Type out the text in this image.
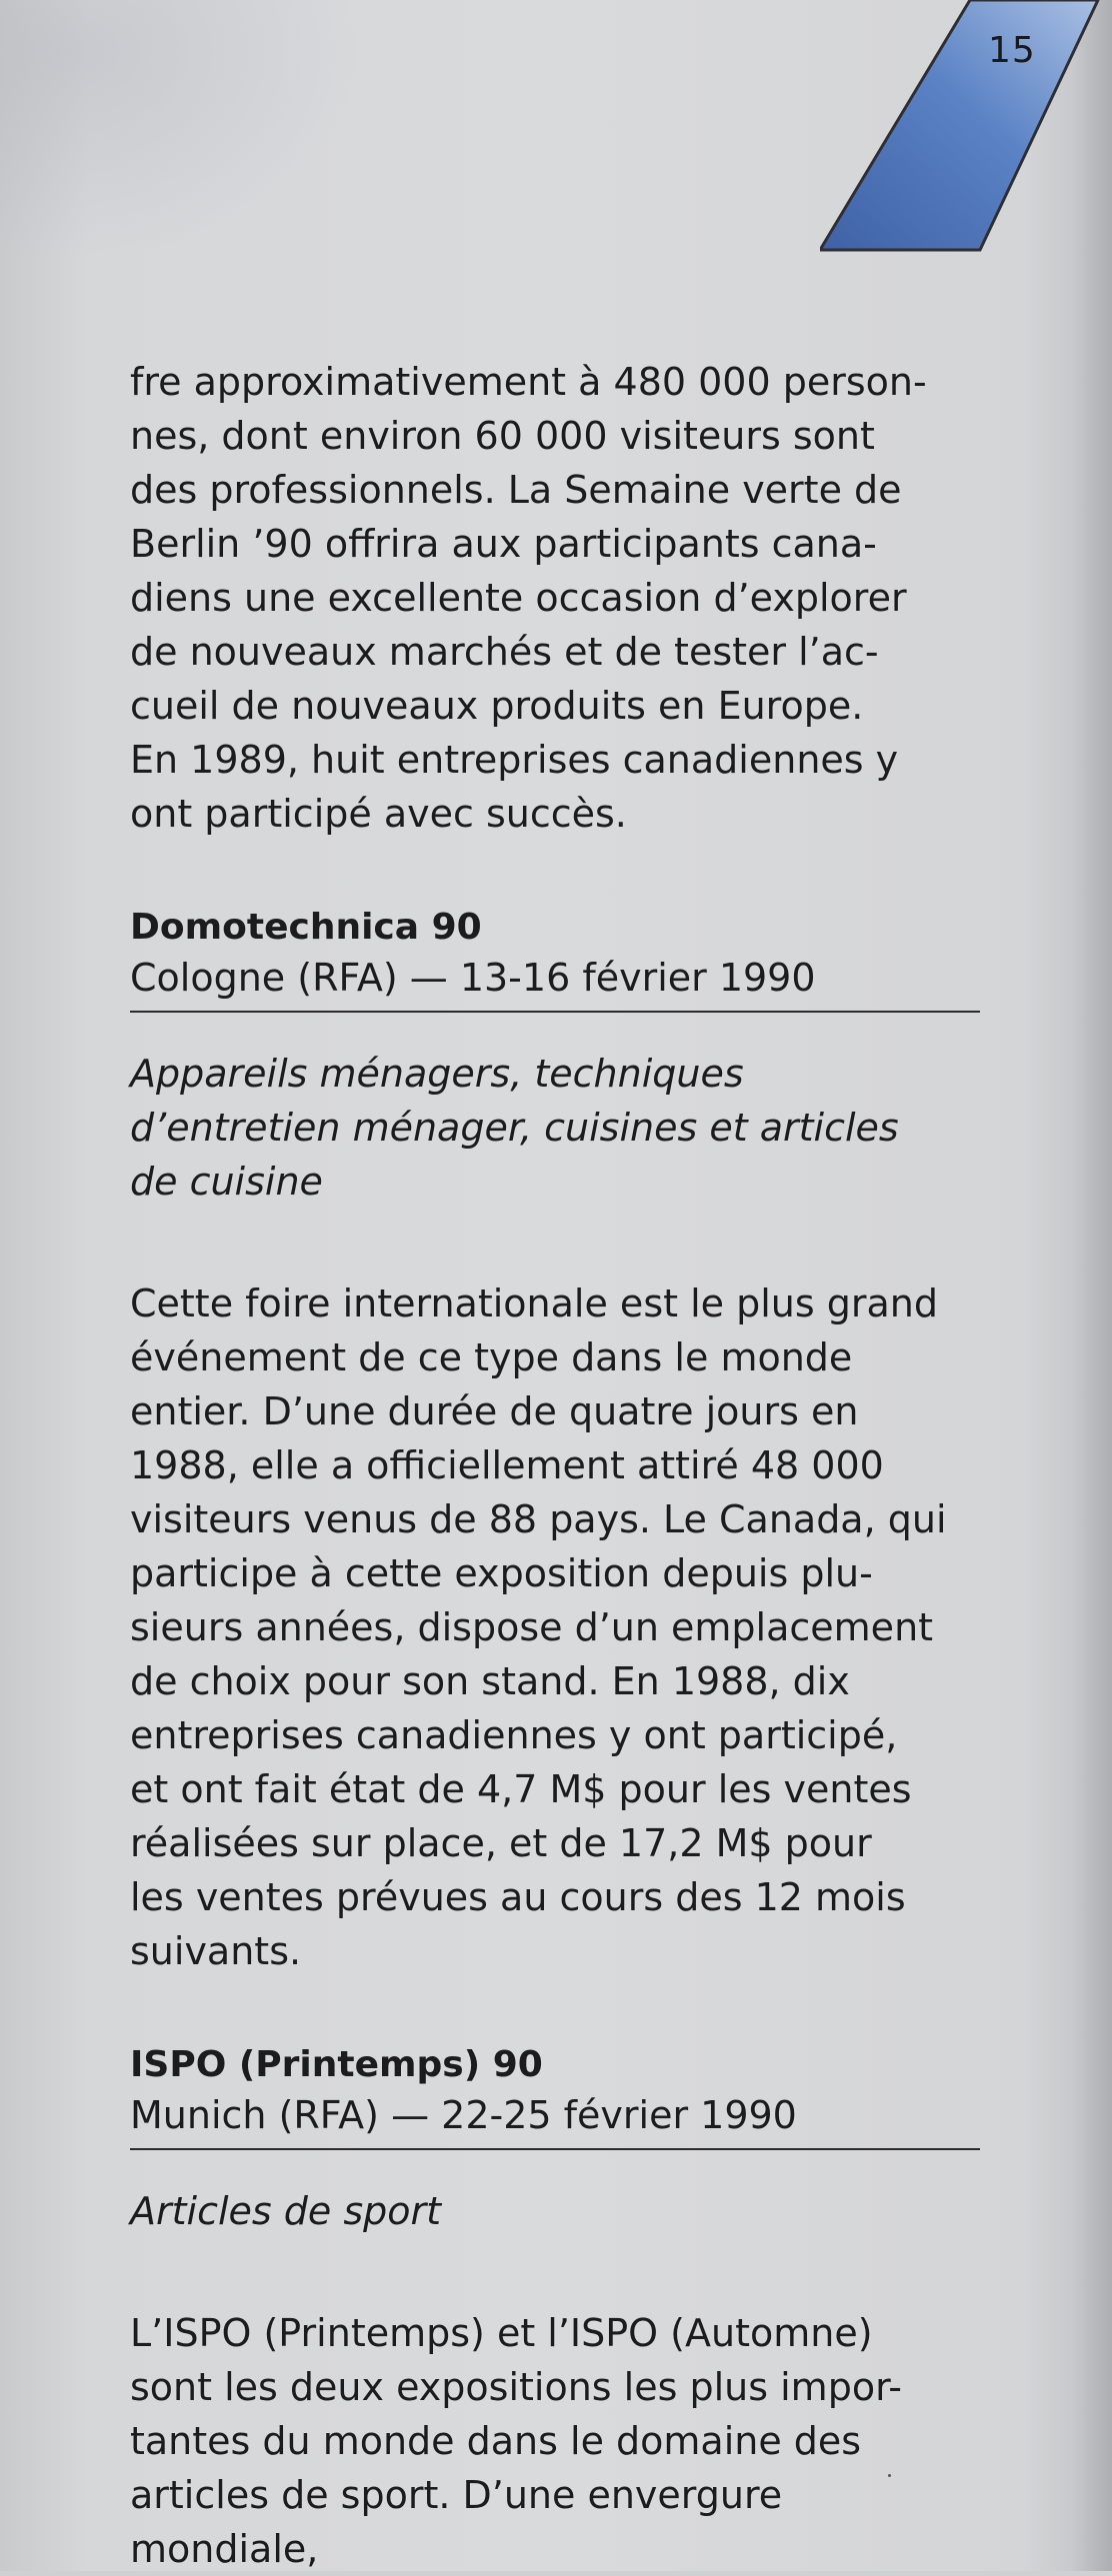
15

fre approximativement à 480 000 person-

nes, dont environ 60 000 visiteurs sont

des professionnels. La Semaine verte de

Berlin ’90 offrira aux participants cana-

diens une excellente occasion d’explorer

de nouveaux marchés et de tester l’ac-

cueil de nouveaux produits en Europe.

En 1989, huit entreprises canadiennes y

ont participé avec succès.

Domotechnica 90

Cologne (RFA) — 13-16 février 1990

Appareils ménagers, techniques
d’entretien ménager, cuisines et articles
de cuisine

Cette foire internationale est le plus grand

événement de ce type dans le monde

entier. D’une durée de quatre jours en

1988, elle a officiellement attiré 48 000

visiteurs venus de 88 pays. Le Canada, qui

participe à cette exposition depuis plu-

sieurs années, dispose d’un emplacement

de choix pour son stand. En 1988, dix

entreprises canadiennes y ont participé,

et ont fait état de 4,7 M$ pour les ventes

réalisées sur place, et de 17,2 M$ pour

les ventes prévues au cours des 12 mois

suivants.

ISPO (Printemps) 90

Munich (RFA) — 22-25 février 1990

Articles de sport

L’ISPO (Printemps) et l’ISPO (Automne)

sont les deux expositions les plus impor-

tantes du monde dans le domaine des

articles de sport. D’une envergure mondiale,
